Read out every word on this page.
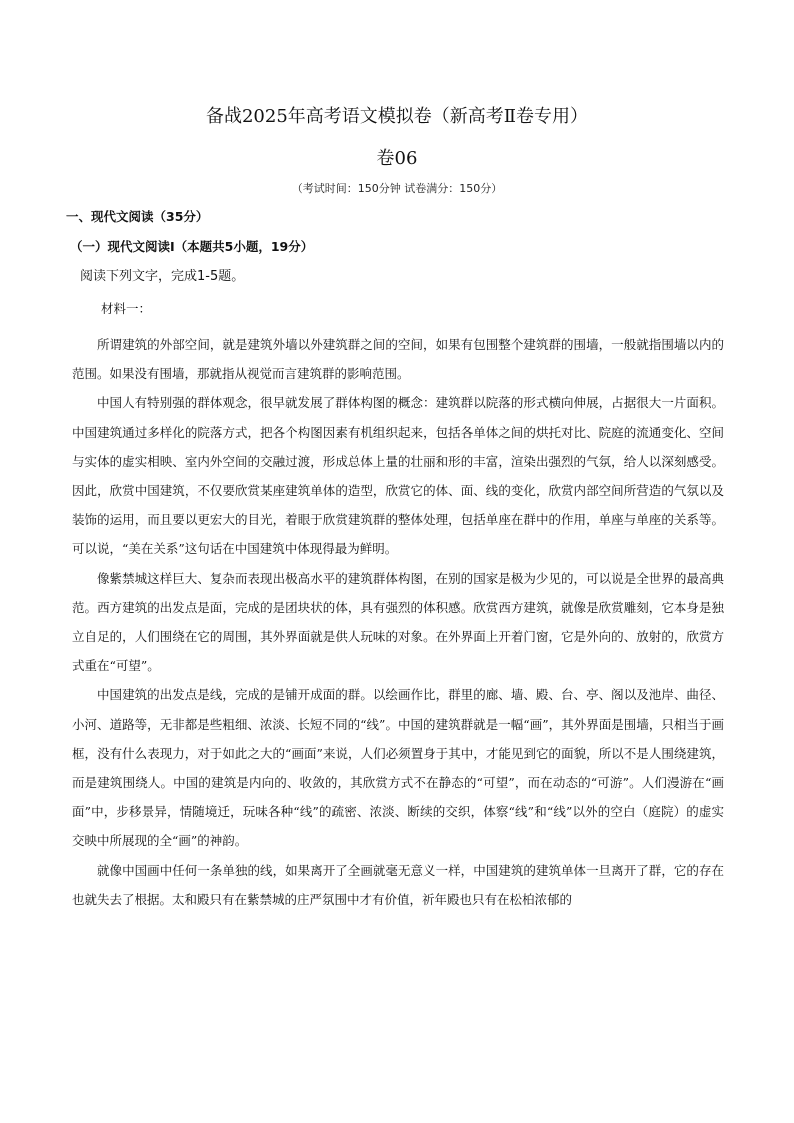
备战2025年高考语文模拟卷（新高考Ⅱ卷专用）
卷06
（考试时间：150分钟 试卷满分：150分）
一、现代文阅读（35分）
（一）现代文阅读Ⅰ（本题共5小题，19分）
阅读下列文字，完成1-5题。
材料一：

所谓建筑的外部空间，就是建筑外墙以外建筑群之间的空间，如果有包围整个建筑群的围墙，一般就指围墙以内的范围。如果没有围墙，那就指从视觉而言建筑群的影响范围。

中国人有特别强的群体观念，很早就发展了群体构图的概念：建筑群以院落的形式横向伸展，占据很大一片面积。中国建筑通过多样化的院落方式，把各个构图因素有机组织起来，包括各单体之间的烘托对比、院庭的流通变化、空间与实体的虚实相映、室内外空间的交融过渡，形成总体上量的壮丽和形的丰富，渲染出强烈的气氛，给人以深刻感受。因此，欣赏中国建筑，不仅要欣赏某座建筑单体的造型，欣赏它的体、面、线的变化，欣赏内部空间所营造的气氛以及装饰的运用，而且要以更宏大的目光，着眼于欣赏建筑群的整体处理，包括单座在群中的作用，单座与单座的关系等。可以说，“美在关系”这句话在中国建筑中体现得最为鲜明。

像紫禁城这样巨大、复杂而表现出极高水平的建筑群体构图，在别的国家是极为少见的，可以说是全世界的最高典范。西方建筑的出发点是面，完成的是团块状的体，具有强烈的体积感。欣赏西方建筑，就像是欣赏雕刻，它本身是独立自足的，人们围绕在它的周围，其外界面就是供人玩味的对象。在外界面上开着门窗，它是外向的、放射的，欣赏方式重在“可望”。

中国建筑的出发点是线，完成的是铺开成面的群。以绘画作比，群里的廊、墙、殿、台、亭、阁以及池岸、曲径、小河、道路等，无非都是些粗细、浓淡、长短不同的“线”。中国的建筑群就是一幅“画”，其外界面是围墙，只相当于画框，没有什么表现力，对于如此之大的“画面”来说，人们必须置身于其中，才能见到它的面貌，所以不是人围绕建筑，而是建筑围绕人。中国的建筑是内向的、收敛的，其欣赏方式不在静态的“可望”，而在动态的“可游”。人们漫游在“画面”中，步移景异，情随境迁，玩味各种“线”的疏密、浓淡、断续的交织，体察“线”和“线”以外的空白（庭院）的虚实交映中所展现的全“画”的神韵。

就像中国画中任何一条单独的线，如果离开了全画就毫无意义一样，中国建筑的建筑单体一旦离开了群，它的存在也就失去了根据。太和殿只有在紫禁城的庄严氛围中才有价值，祈年殿也只有在松柏浓郁的
